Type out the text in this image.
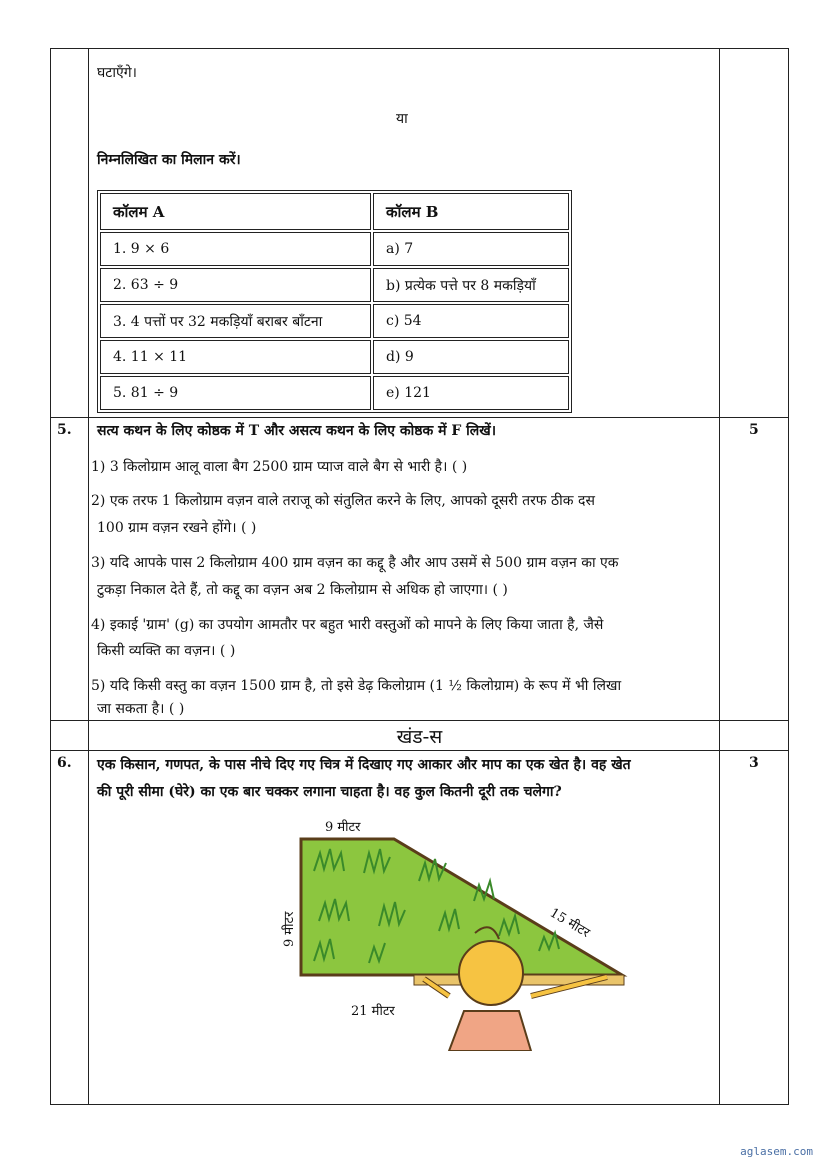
घटाएँगे।
या
निम्नलिखित का मिलान करें।
कॉलम A	कॉलम B
1. 9 × 6	a) 7
2. 63 ÷ 9	b) प्रत्येक पत्ते पर 8 मकड़ियाँ
3. 4 पत्तों पर 32 मकड़ियाँ बराबर बाँटना	c) 54
4. 11 × 11	d) 9
5. 81 ÷ 9	e) 121
5.	5
सत्य कथन के लिए कोष्ठक में T और असत्य कथन के लिए कोष्ठक में F लिखें।
1) 3 किलोग्राम आलू वाला बैग 2500 ग्राम प्याज वाले बैग से भारी है। ( )
2) एक तरफ 1 किलोग्राम वज़न वाले तराजू को संतुलित करने के लिए, आपको दूसरी तरफ ठीक दस
100 ग्राम वज़न रखने होंगे। ( )
3) यदि आपके पास 2 किलोग्राम 400 ग्राम वज़न का कद्दू है और आप उसमें से 500 ग्राम वज़न का एक
टुकड़ा निकाल देते हैं, तो कद्दू का वज़न अब 2 किलोग्राम से अधिक हो जाएगा। ( )
4) इकाई 'ग्राम' (g) का उपयोग आमतौर पर बहुत भारी वस्तुओं को मापने के लिए किया जाता है, जैसे
किसी व्यक्ति का वज़न। ( )
5) यदि किसी वस्तु का वज़न 1500 ग्राम है, तो इसे डेढ़ किलोग्राम (1 ½ किलोग्राम) के रूप में भी लिखा
जा सकता है। ( )
खंड-स
6.	3
एक किसान, गणपत, के पास नीचे दिए गए चित्र में दिखाए गए आकार और माप का एक खेत है। वह खेत
की पूरी सीमा (घेरे) का एक बार चक्कर लगाना चाहता है। वह कुल कितनी दूरी तक चलेगा?
9 मीटर
15 मीटर
9 मीटर
21 मीटर
aglasem.com
